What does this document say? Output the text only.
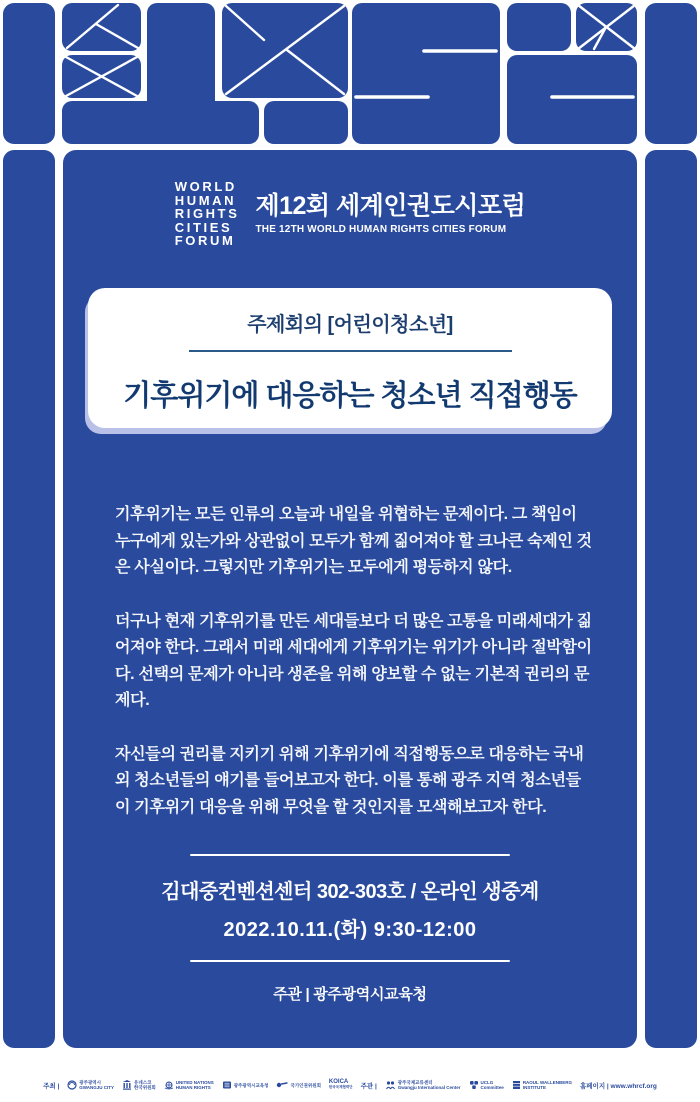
WORLD
HUMAN
RIGHTS
CITIES
FORUM
제12회 세계인권도시포럼
THE 12TH WORLD HUMAN RIGHTS CITIES FORUM
주제회의 [어린이청소년]
기후위기에 대응하는 청소년 직접행동

기후위기는 모든 인류의 오늘과 내일을 위협하는 문제이다. 그 책임이 누구에게 있는가와 상관없이 모두가 함께 짊어져야 할 크나큰 숙제인 것은 사실이다. 그렇지만 기후위기는 모두에게 평등하지 않다.

더구나 현재 기후위기를 만든 세대들보다 더 많은 고통을 미래세대가 짊어져야 한다. 그래서 미래 세대에게 기후위기는 위기가 아니라 절박함이다. 선택의 문제가 아니라 생존을 위해 양보할 수 없는 기본적 권리의 문제다.

자신들의 권리를 지키기 위해 기후위기에 직접행동으로 대응하는 국내외 청소년들의 얘기를 들어보고자 한다. 이를 통해 광주 지역 청소년들이 기후위기 대응을 위해 무엇을 할 것인지를 모색해보고자 한다.

김대중컨벤션센터 302-303호 / 온라인 생중계
2022.10.11.(화) 9:30-12:00
주관 | 광주광역시교육청
주최 |	광주광역시
GWANGJU CITY
유네스코
한국위원회
UNITED NATIONS
HUMAN RIGHTS	광주광역시교육청	국가인권위원회 KOICA
한국국제협력단 주관 |	광주국제교류센터
Gwangju International Center
UCLG
Committee
RAOUL WALLENBERG
INSTITUTE	홈페이지 | www.whrcf.org
